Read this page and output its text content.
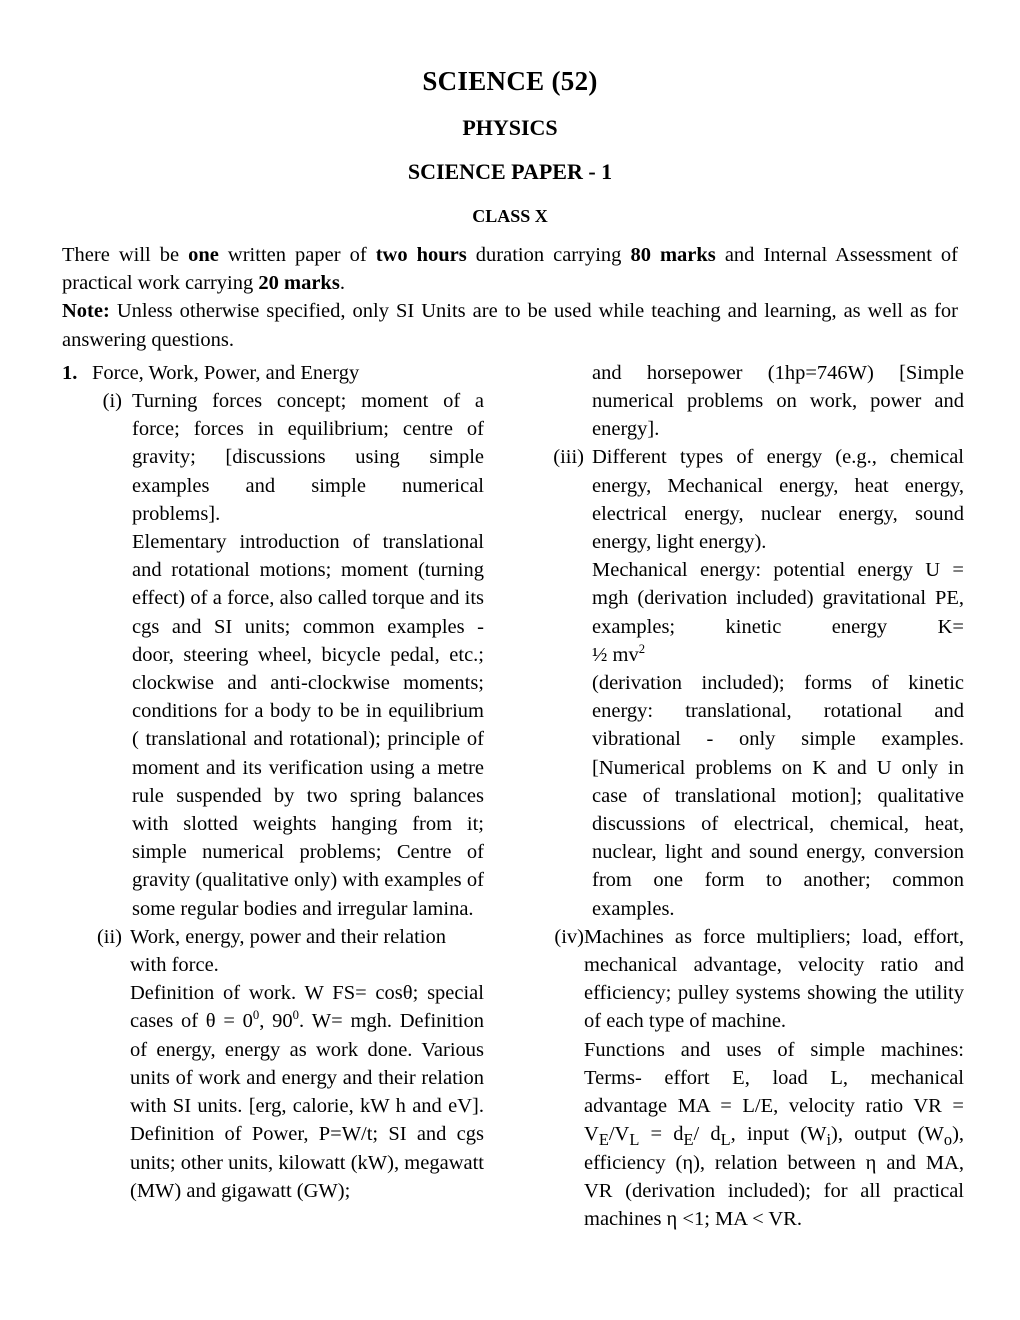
SCIENCE (52)
PHYSICS
SCIENCE PAPER - 1
CLASS X

There will be one written paper of two hours duration carrying 80 marks and Internal Assessment of practical work carrying 20 marks.

Note: Unless otherwise specified, only SI Units are to be used while teaching and learning, as well as for answering questions.

1. Force, Work, Power, and Energy
(i) Turning forces concept; moment of a force; forces in equilibrium; centre of gravity; [discussions using simple examples and simple numerical problems].

Elementary introduction of translational and rotational motions; moment (turning effect) of a force, also called torque and its cgs and SI units; common examples - door, steering wheel, bicycle pedal, etc.; clockwise and anti-clockwise moments; conditions for a body to be in equilibrium ( translational and rotational); principle of moment and its verification using a metre rule suspended by two spring balances with slotted weights hanging from it; simple numerical problems; Centre of gravity (qualitative only) with examples of some regular bodies and irregular lamina.

(ii) Work, energy, power and their relation with force.

Definition of work. W FS= cosθ; special cases of $\theta = 0^0$, $90^0$. W= mgh. Definition of energy, energy as work done. Various units of work and energy and their relation with SI units. [erg, calorie, kW h and eV]. Definition of Power, P=W/t; SI and cgs units; other units, kilowatt (kW), megawatt (MW) and gigawatt (GW);

and horsepower (1hp=746W) [Simple numerical problems on work, power and energy].

(iii) Different types of energy (e.g., chemical energy, Mechanical energy, heat energy, electrical energy, nuclear energy, sound energy, light energy).

Mechanical energy: potential energy U = mgh (derivation included) gravitational PE, examples; kinetic energy K=

½ $mv^2$

(derivation included); forms of kinetic energy: translational, rotational and vibrational - only simple examples. [Numerical problems on K and U only in case of translational motion]; qualitative discussions of electrical, chemical, heat, nuclear, light and sound energy, conversion from one form to another; common examples.

(iv) Machines as force multipliers; load, effort, mechanical advantage, velocity ratio and efficiency; pulley systems showing the utility of each type of machine.

Functions and uses of simple machines: Terms- effort E, load L, mechanical advantage MA = L/E, velocity ratio VR = $V_E/V_L = d_E/$ $d_L$, input $(W_i)$, output $(W_o)$, efficiency (η), relation between η and MA, VR (derivation included); for all practical machines η <1; MA < VR.
